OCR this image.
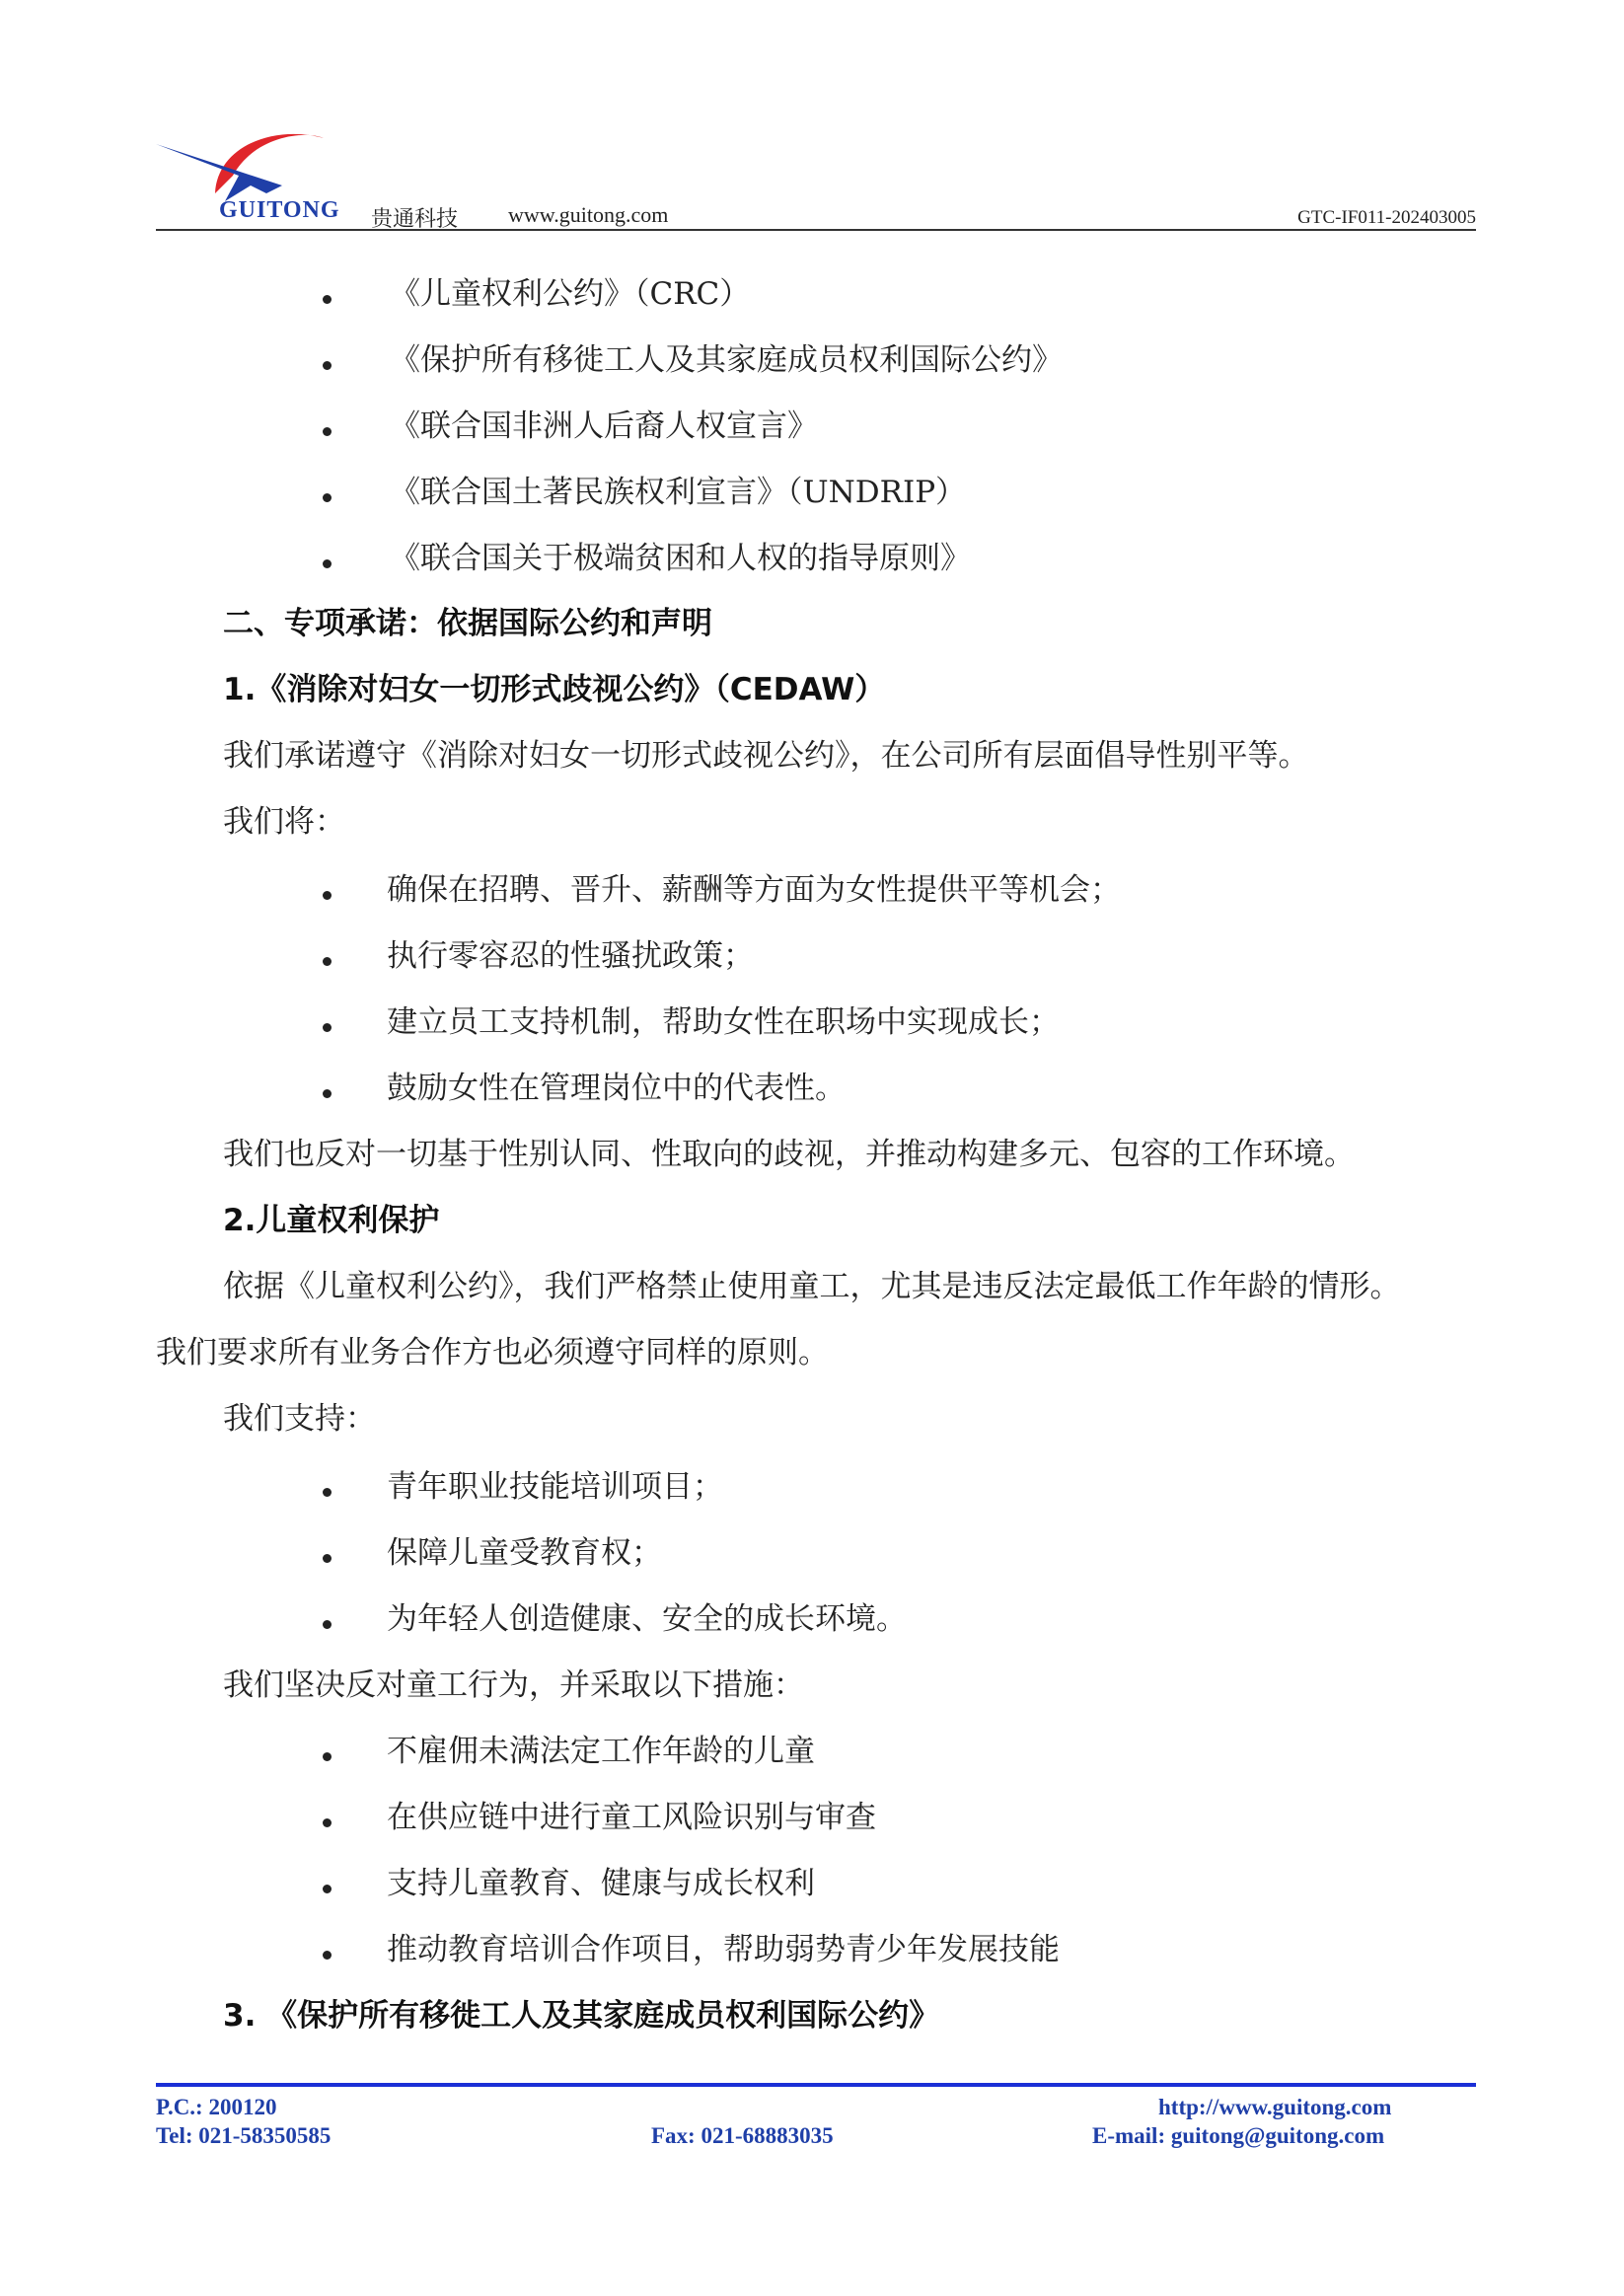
GUITONG 贵通科技 www.guitong.com	GTC-IF011-202403005
《儿童权利公约》（CRC）
《保护所有移徙工人及其家庭成员权利国际公约》
《联合国非洲人后裔人权宣言》
《联合国土著民族权利宣言》（UNDRIP）
《联合国关于极端贫困和人权的指导原则》
二、专项承诺：依据国际公约和声明
1.《消除对妇女一切形式歧视公约》（CEDAW）
我们承诺遵守《消除对妇女一切形式歧视公约》，在公司所有层面倡导性别平等。
我们将：
确保在招聘、晋升、薪酬等方面为女性提供平等机会；
执行零容忍的性骚扰政策；
建立员工支持机制，帮助女性在职场中实现成长；
鼓励女性在管理岗位中的代表性。
我们也反对一切基于性别认同、性取向的歧视，并推动构建多元、包容的工作环境。
2.儿童权利保护
依据《儿童权利公约》，我们严格禁止使用童工，尤其是违反法定最低工作年龄的情形。
我们要求所有业务合作方也必须遵守同样的原则。
我们支持：
青年职业技能培训项目；
保障儿童受教育权；
为年轻人创造健康、安全的成长环境。
我们坚决反对童工行为，并采取以下措施：
不雇佣未满法定工作年龄的儿童
在供应链中进行童工风险识别与审查
支持儿童教育、健康与成长权利
推动教育培训合作项目，帮助弱势青少年发展技能
3. 《保护所有移徙工人及其家庭成员权利国际公约》
P.C.: 200120
Tel: 021-58350585	Fax: 021-68883035
http://www.guitong.com
E-mail: guitong@guitong.com
